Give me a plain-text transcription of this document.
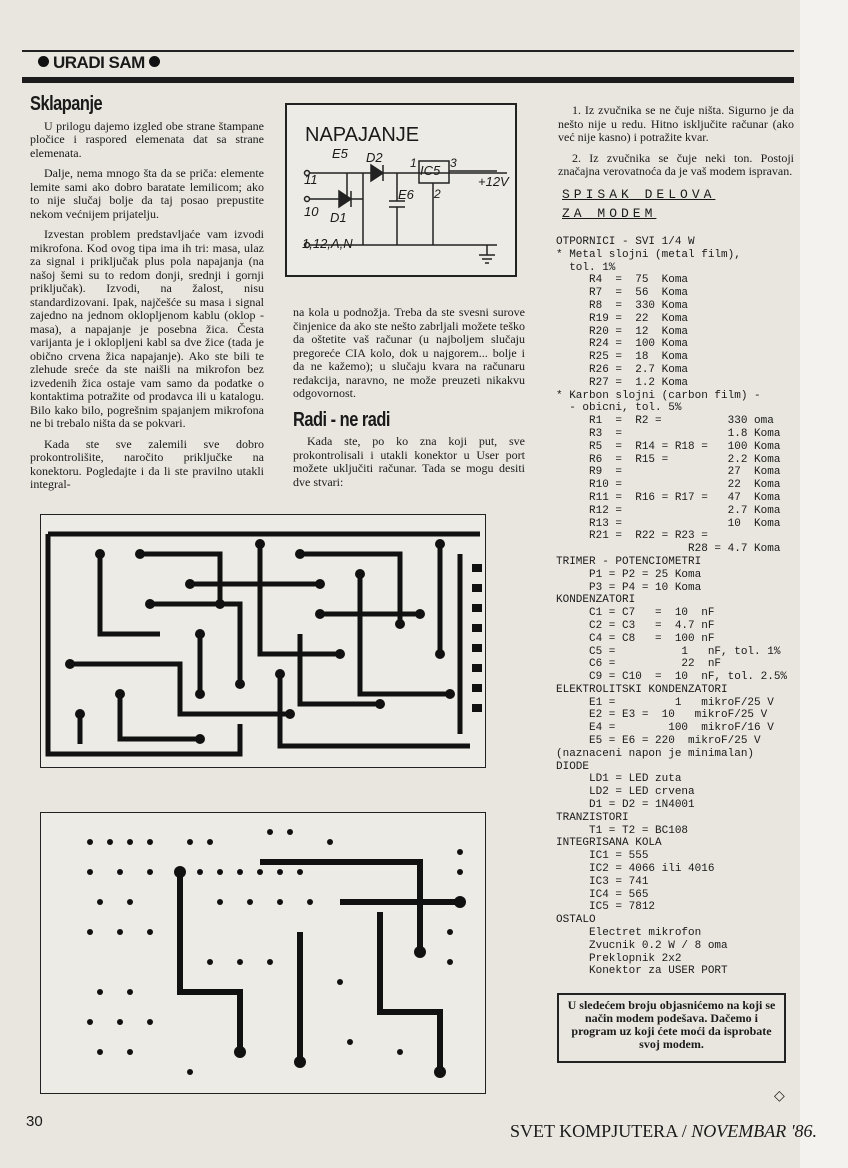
URADI SAM
Sklapanje

U prilogu dajemo izgled obe strane štampane pločice i raspored elemenata dat sa strane elemenata.

Dalje, nema mnogo šta da se priča: elemente lemite sami ako dobro baratate lemilicom; ako to nije slučaj bolje da taj posao prepustite nekom većnijem prijatelju.

Izvestan problem predstavljaće vam izvodi mikrofona. Kod ovog tipa ima ih tri: masa, ulaz za signal i priključak plus pola napajanja (na našoj šemi su to redom donji, srednji i gornji priključak). Izvodi, na žalost, nisu standardizovani. Ipak, najčešće su masa i signal zajedno na jednom oklopljenom kablu (oklop - masa), a napajanje je posebna žica. Česta varijanta je i oklopljeni kabl sa dve žice (tada je obično crvena žica napajanje). Ako ste bili te zlehude sreće da ste naišli na mikrofon bez izvedenih žica ostaje vam samo da podatke o kontaktima potražite od prodavca ili u katalogu. Bilo kako bilo, pogrešnim spajanjem mikrofona ne bi trebalo ništa da se pokvari.

Kada ste sve zalemili sve dobro prokontrolišite, naročito priključke na konektoru. Pogledajte i da li ste pravilno utakli integral-

NAPAJANJE
E5 D2 1 IC5 3
+12V
11
E6 2
10 D1
1,12,A,N

na kola u podnožja. Treba da ste svesni surove činjenice da ako ste nešto zabrljali možete teško da oštetite vaš računar (u najboljem slučaju pregoreće CIA kolo, dok u najgorem... bolje i da ne kažemo); u slučaju kvara na računaru redakcija, naravno, ne može preuzeti nikakvu odgovornost.

Radi - ne radi

Kada ste, po ko zna koji put, sve prokontrolisali i utakli konektor u User port možete uključiti računar. Tada se mogu desiti dve stvari:

1. Iz zvučnika se ne čuje ništa. Sigurno je da nešto nije u redu. Hitno isključite računar (ako već nije kasno) i potražite kvar.

2. Iz zvučnika se čuje neki ton. Postoji značajna verovatnoća da je vaš modem ispravan.

SPISAK DELOVA
ZA MODEM
OTPORNICI - SVI 1/4 W
* Metal slojni (metal film),
tol. 1%
R4  =  75  Koma
R7  =  56  Koma
R8  =  330 Koma
R19 =  22  Koma
R20 =  12  Koma
R24 =  100 Koma
R25 =  18  Koma
R26 =  2.7 Koma
R27 =  1.2 Koma
* Karbon slojni (carbon film) -
- obicni, tol. 5%
R1  =  R2 =          330 oma
R3  =                1.8 Koma
R5  =  R14 = R18 =   100 Koma
R6  =  R15 =         2.2 Koma
R9  =                27  Koma
R10 =                22  Koma
R11 =  R16 = R17 =   47  Koma
R12 =                2.7 Koma
R13 =                10  Koma
R21 =  R22 = R23 =
R28 = 4.7 Koma
TRIMER - POTENCIOMETRI
P1 = P2 = 25 Koma
P3 = P4 = 10 Koma
KONDENZATORI
C1 = C7   =  10  nF
C2 = C3   =  4.7 nF
C4 = C8   =  100 nF
C5 =          1   nF, tol. 1%
C6 =          22  nF
C9 = C10  =  10  nF, tol. 2.5%
ELEKTROLITSKI KONDENZATORI
E1 =         1   mikroF/25 V
E2 = E3 =  10   mikroF/25 V
E4 =        100  mikroF/16 V
E5 = E6 = 220  mikroF/25 V
(naznaceni napon je minimalan)
DIODE
LD1 = LED zuta
LD2 = LED crvena
D1 = D2 = 1N4001
TRANZISTORI
T1 = T2 = BC108
INTEGRISANA KOLA
IC1 = 555
IC2 = 4066 ili 4016
IC3 = 741
IC4 = 565
IC5 = 7812
OSTALO
Electret mikrofon
Zvucnik 0.2 W / 8 oma
Preklopnik 2x2
Konektor za USER PORT
U sledećem broju objasnićemo na koji se način modem podešava. Dačemo i program uz koji ćete moći da isprobate svoj modem.
◇
30	SVET KOMPJUTERA / NOVEMBAR '86.
